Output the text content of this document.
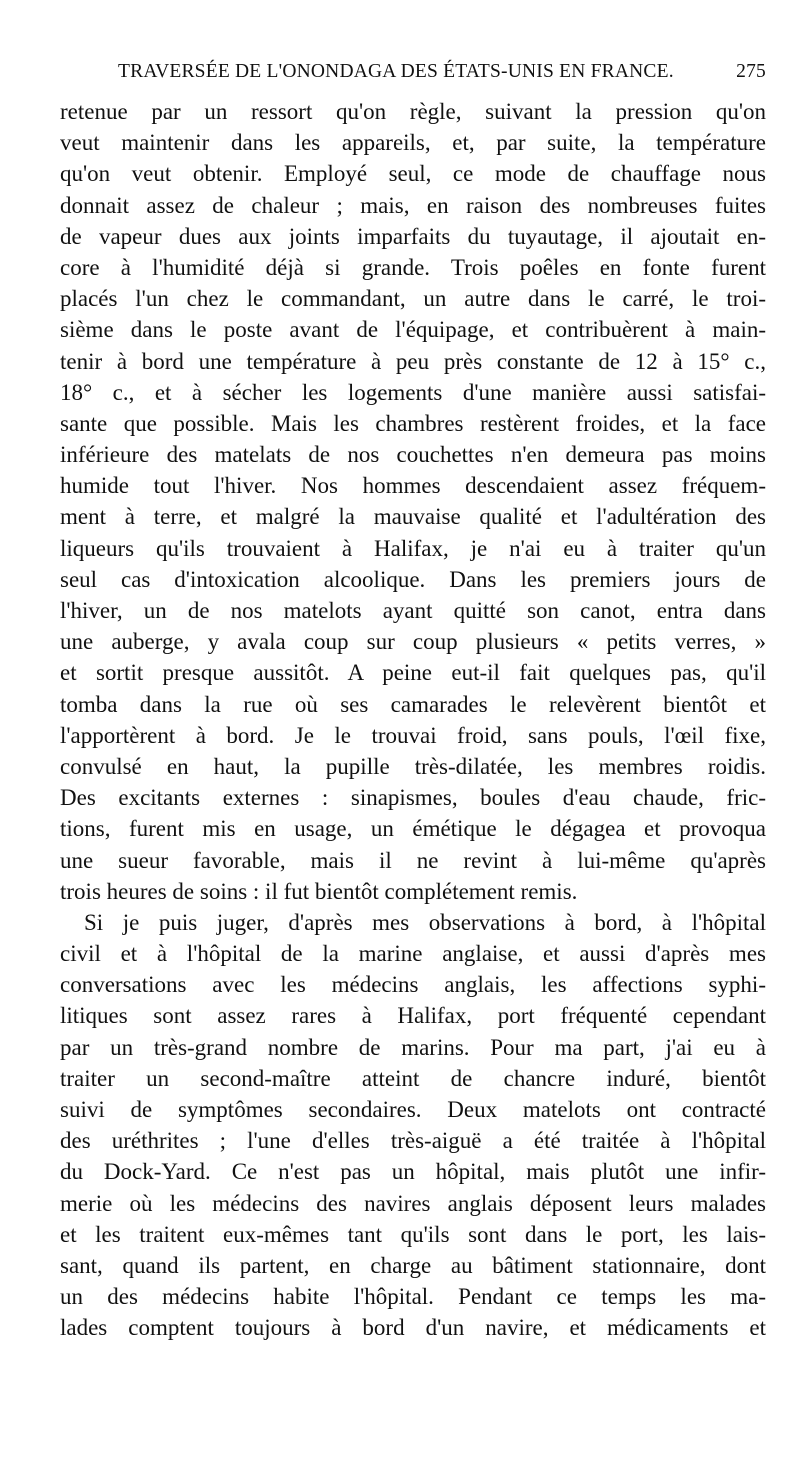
TRAVERSÉE DE L'ONONDAGA DES ÉTATS-UNIS EN FRANCE.	275
retenue par un ressort qu'on règle, suivant la pression qu'on
veut maintenir dans les appareils, et, par suite, la température
qu'on veut obtenir. Employé seul, ce mode de chauffage nous
donnait assez de chaleur ; mais, en raison des nombreuses fuites
de vapeur dues aux joints imparfaits du tuyautage, il ajoutait en-
core à l'humidité déjà si grande. Trois poêles en fonte furent
placés l'un chez le commandant, un autre dans le carré, le troi-
sième dans le poste avant de l'équipage, et contribuèrent à main-
tenir à bord une température à peu près constante de 12 à 15° c.,
18° c., et à sécher les logements d'une manière aussi satisfai-
sante que possible. Mais les chambres restèrent froides, et la face
inférieure des matelats de nos couchettes n'en demeura pas moins
humide tout l'hiver. Nos hommes descendaient assez fréquem-
ment à terre, et malgré la mauvaise qualité et l'adultération des
liqueurs qu'ils trouvaient à Halifax, je n'ai eu à traiter qu'un
seul cas d'intoxication alcoolique. Dans les premiers jours de
l'hiver, un de nos matelots ayant quitté son canot, entra dans
une auberge, y avala coup sur coup plusieurs « petits verres, »
et sortit presque aussitôt. A peine eut-il fait quelques pas, qu'il
tomba dans la rue où ses camarades le relevèrent bientôt et
l'apportèrent à bord. Je le trouvai froid, sans pouls, l'œil fixe,
convulsé en haut, la pupille très-dilatée, les membres roidis.
Des excitants externes : sinapismes, boules d'eau chaude, fric-
tions, furent mis en usage, un émétique le dégagea et provoqua
une sueur favorable, mais il ne revint à lui-même qu'après
trois heures de soins : il fut bientôt complétement remis.
Si je puis juger, d'après mes observations à bord, à l'hôpital
civil et à l'hôpital de la marine anglaise, et aussi d'après mes
conversations avec les médecins anglais, les affections syphi-
litiques sont assez rares à Halifax, port fréquenté cependant
par un très-grand nombre de marins. Pour ma part, j'ai eu à
traiter un second-maître atteint de chancre induré, bientôt
suivi de symptômes secondaires. Deux matelots ont contracté
des uréthrites ; l'une d'elles très-aiguë a été traitée à l'hôpital
du Dock-Yard. Ce n'est pas un hôpital, mais plutôt une infir-
merie où les médecins des navires anglais déposent leurs malades
et les traitent eux-mêmes tant qu'ils sont dans le port, les lais-
sant, quand ils partent, en charge au bâtiment stationnaire, dont
un des médecins habite l'hôpital. Pendant ce temps les ma-
lades comptent toujours à bord d'un navire, et médicaments et
